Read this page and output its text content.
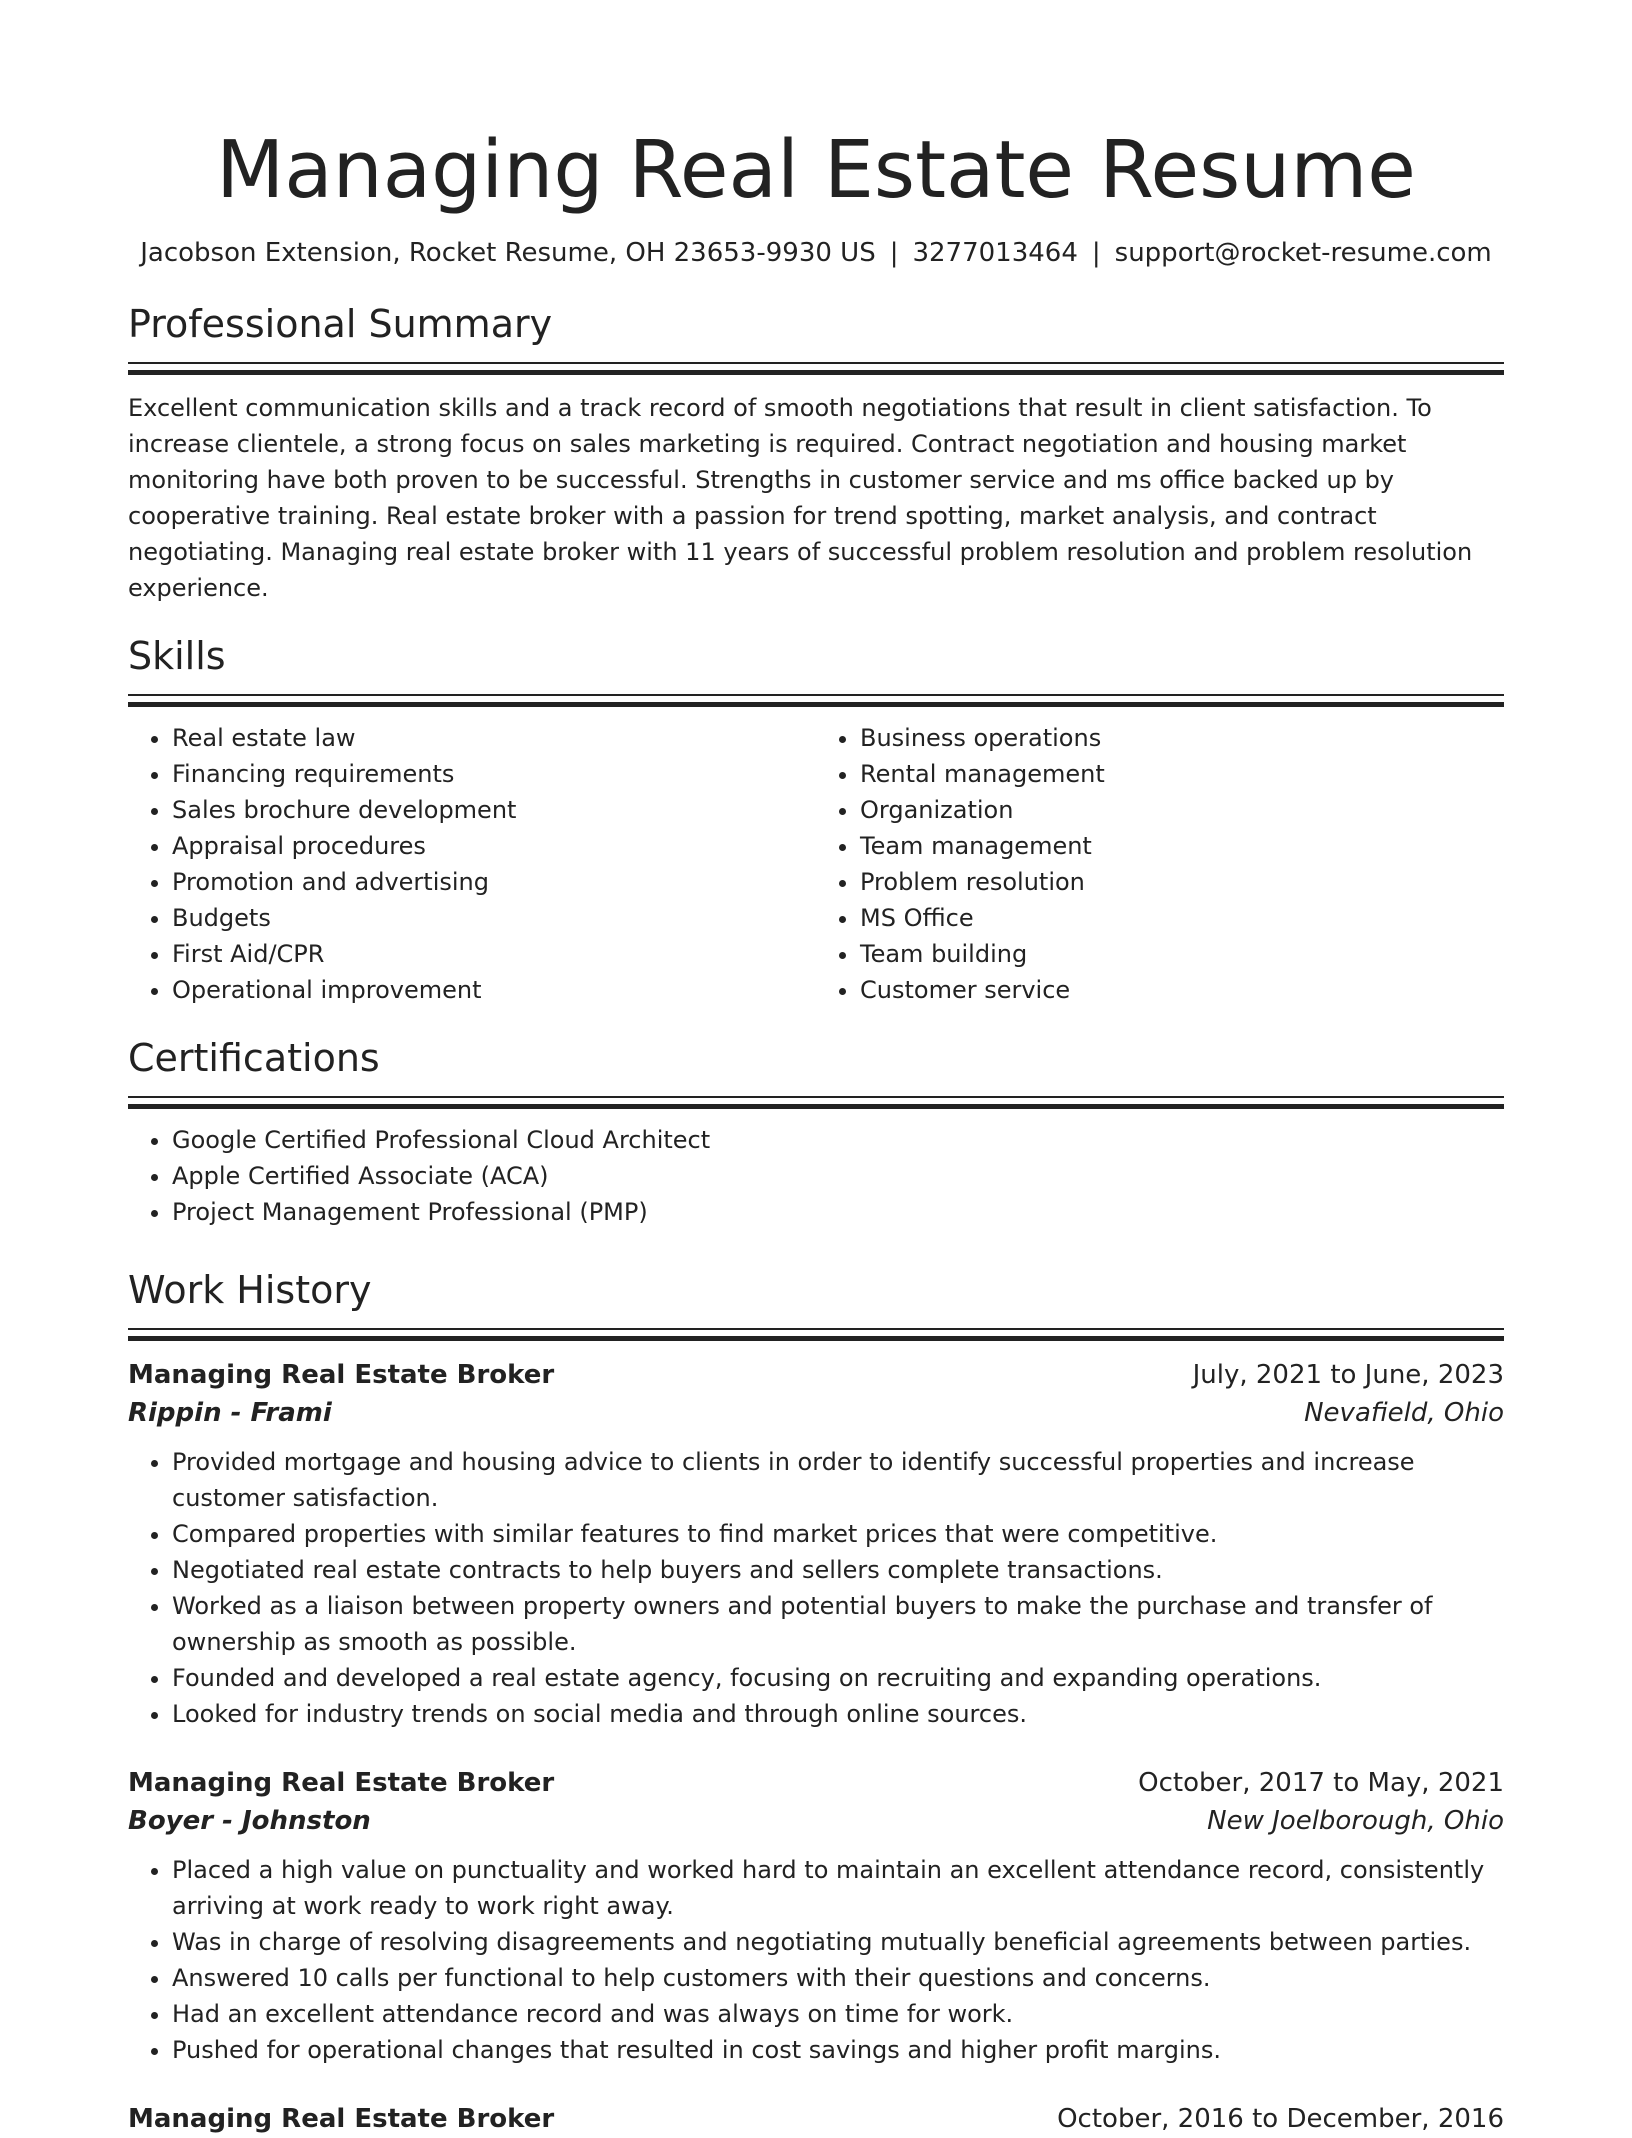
Managing Real Estate Resume
Jacobson Extension, Rocket Resume, OH 23653-9930 US | 3277013464 | support@rocket-resume.com
Professional Summary

Excellent communication skills and a track record of smooth negotiations that result in client satisfaction. To increase clientele, a strong focus on sales marketing is required. Contract negotiation and housing market monitoring have both proven to be successful. Strengths in customer service and ms office backed up by cooperative training. Real estate broker with a passion for trend spotting, market analysis, and contract negotiating. Managing real estate broker with 11 years of successful problem resolution and problem resolution experience.

Skills
• Real estate law
• Financing requirements
• Sales brochure development
• Appraisal procedures
• Promotion and advertising
• Budgets
• First Aid/CPR
• Operational improvement
• Business operations
• Rental management
• Organization
• Team management
• Problem resolution
• MS Office
• Team building
• Customer service
Certifications
• Google Certified Professional Cloud Architect
• Apple Certified Associate (ACA)
• Project Management Professional (PMP)
Work History
Managing Real Estate Broker	July, 2021 to June, 2023
Rippin - Frami	Nevafield, Ohio
• Provided mortgage and housing advice to clients in order to identify successful properties and increase customer satisfaction.
• Compared properties with similar features to find market prices that were competitive.
• Negotiated real estate contracts to help buyers and sellers complete transactions.
• Worked as a liaison between property owners and potential buyers to make the purchase and transfer of ownership as smooth as possible.
• Founded and developed a real estate agency, focusing on recruiting and expanding operations.
• Looked for industry trends on social media and through online sources.
Managing Real Estate Broker	October, 2017 to May, 2021
Boyer - Johnston	New Joelborough, Ohio
• Placed a high value on punctuality and worked hard to maintain an excellent attendance record, consistently arriving at work ready to work right away.
• Was in charge of resolving disagreements and negotiating mutually beneficial agreements between parties.
• Answered 10 calls per functional to help customers with their questions and concerns.
• Had an excellent attendance record and was always on time for work.
• Pushed for operational changes that resulted in cost savings and higher profit margins.
Managing Real Estate Broker	October, 2016 to December, 2016
